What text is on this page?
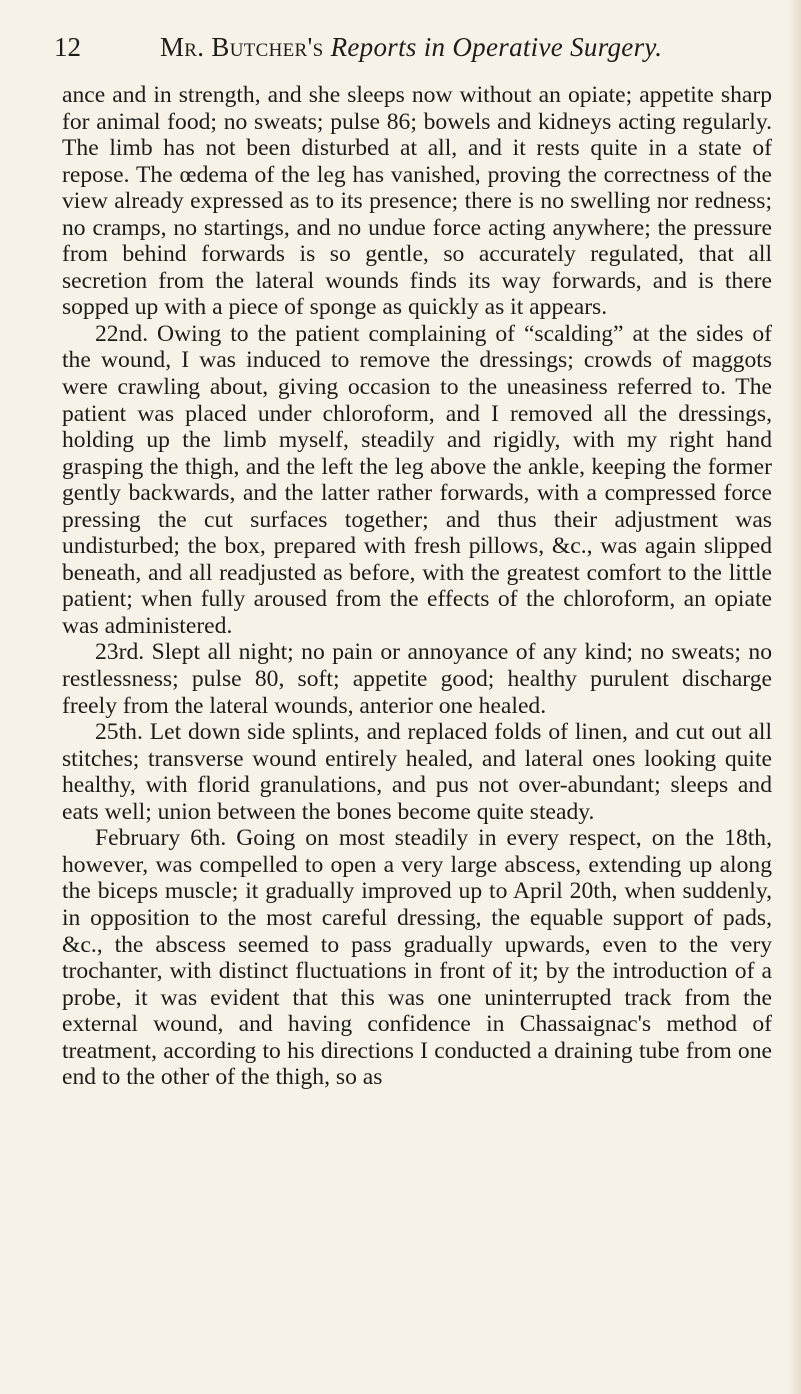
12	Mr. Butcher's Reports in Operative Surgery.

ance and in strength, and she sleeps now without an opiate; appetite sharp for animal food; no sweats; pulse 86; bowels and kidneys acting regularly. The limb has not been disturbed at all, and it rests quite in a state of repose. The œdema of the leg has vanished, proving the correctness of the view already expressed as to its presence; there is no swelling nor redness; no cramps, no startings, and no undue force acting anywhere; the pressure from behind forwards is so gentle, so accurately regulated, that all secretion from the lateral wounds finds its way forwards, and is there sopped up with a piece of sponge as quickly as it appears.

22nd. Owing to the patient complaining of “scalding” at the sides of the wound, I was induced to remove the dressings; crowds of maggots were crawling about, giving occasion to the uneasiness referred to. The patient was placed under chloroform, and I removed all the dressings, holding up the limb myself, steadily and rigidly, with my right hand grasping the thigh, and the left the leg above the ankle, keeping the former gently backwards, and the latter rather forwards, with a compressed force pressing the cut surfaces together; and thus their adjustment was undisturbed; the box, prepared with fresh pillows, &c., was again slipped beneath, and all readjusted as before, with the greatest comfort to the little patient; when fully aroused from the effects of the chloroform, an opiate was administered.

23rd. Slept all night; no pain or annoyance of any kind; no sweats; no restlessness; pulse 80, soft; appetite good; healthy purulent discharge freely from the lateral wounds, anterior one healed.

25th. Let down side splints, and replaced folds of linen, and cut out all stitches; transverse wound entirely healed, and lateral ones looking quite healthy, with florid granulations, and pus not over-abundant; sleeps and eats well; union between the bones become quite steady.

February 6th. Going on most steadily in every respect, on the 18th, however, was compelled to open a very large abscess, extending up along the biceps muscle; it gradually improved up to April 20th, when suddenly, in opposition to the most careful dressing, the equable support of pads, &c., the abscess seemed to pass gradually upwards, even to the very trochanter, with distinct fluctuations in front of it; by the introduction of a probe, it was evident that this was one uninterrupted track from the external wound, and having confidence in Chassaignac's method of treatment, according to his directions I conducted a draining tube from one end to the other of the thigh, so as
